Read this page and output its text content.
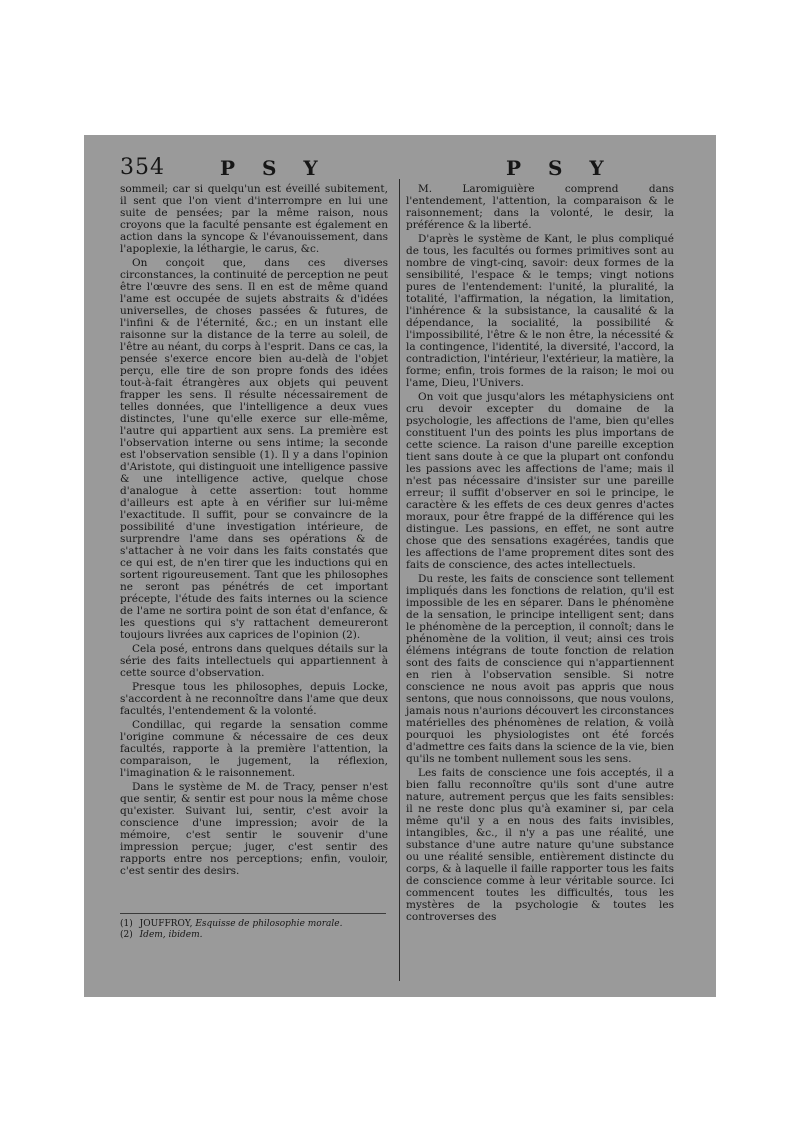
354	P S Y	P S Y

sommeil; car si quelqu'un est éveillé subitement, il sent que l'on vient d'interrompre en lui une suite de pensées; par la même raison, nous croyons que la faculté pensante est également en action dans la syncope & l'évanouissement, dans l'apoplexie, la léthargie, le carus, &c.

On conçoit que, dans ces diverses circonstances, la continuité de perception ne peut être l'œuvre des sens. Il en est de même quand l'ame est occupée de sujets abstraits & d'idées universelles, de choses passées & futures, de l'infini & de l'éternité, &c.; en un instant elle raisonne sur la distance de la terre au soleil, de l'être au néant, du corps à l'esprit. Dans ce cas, la pensée s'exerce encore bien au-delà de l'objet perçu, elle tire de son propre fonds des idées tout-à-fait étrangères aux objets qui peuvent frapper les sens. Il résulte nécessairement de telles données, que l'intelligence a deux vues distinctes, l'une qu'elle exerce sur elle-même, l'autre qui appartient aux sens. La première est l'observation interne ou sens intime; la seconde est l'observation sensible (1). Il y a dans l'opinion d'Aristote, qui distinguoit une intelligence passive & une intelligence active, quelque chose d'analogue à cette assertion: tout homme d'ailleurs est apte à en vérifier sur lui-même l'exactitude. Il suffit, pour se convaincre de la possibilité d'une investigation intérieure, de surprendre l'ame dans ses opérations & de s'attacher à ne voir dans les faits constatés que ce qui est, de n'en tirer que les inductions qui en sortent rigoureusement. Tant que les philosophes ne seront pas pénétrés de cet important précepte, l'étude des faits internes ou la science de l'ame ne sortira point de son état d'enfance, & les questions qui s'y rattachent demeureront toujours livrées aux caprices de l'opinion (2).

Cela posé, entrons dans quelques détails sur la série des faits intellectuels qui appartiennent à cette source d'observation.

Presque tous les philosophes, depuis Locke, s'accordent à ne reconnoître dans l'ame que deux facultés, l'entendement & la volonté.

Condillac, qui regarde la sensation comme l'origine commune & nécessaire de ces deux facultés, rapporte à la première l'attention, la comparaison, le jugement, la réflexion, l'imagination & le raisonnement.

Dans le système de M. de Tracy, penser n'est que sentir, & sentir est pour nous la même chose qu'exister. Suivant lui, sentir, c'est avoir la conscience d'une impression; avoir de la mémoire, c'est sentir le souvenir d'une impression perçue; juger, c'est sentir des rapports entre nos perceptions; enfin, vouloir, c'est sentir des desirs.

M. Laromiguière comprend dans l'entendement, l'attention, la comparaison & le raisonnement; dans la volonté, le desir, la préférence & la liberté.

D'après le système de Kant, le plus compliqué de tous, les facultés ou formes primitives sont au nombre de vingt-cinq, savoir: deux formes de la sensibilité, l'espace & le temps; vingt notions pures de l'entendement: l'unité, la pluralité, la totalité, l'affirmation, la négation, la limitation, l'inhérence & la subsistance, la causalité & la dépendance, la socialité, la possibilité & l'impossibilité, l'être & le non être, la nécessité & la contingence, l'identité, la diversité, l'accord, la contradiction, l'intérieur, l'extérieur, la matière, la forme; enfin, trois formes de la raison; le moi ou l'ame, Dieu, l'Univers.

On voit que jusqu'alors les métaphysiciens ont cru devoir excepter du domaine de la psychologie, les affections de l'ame, bien qu'elles constituent l'un des points les plus importans de cette science. La raison d'une pareille exception tient sans doute à ce que la plupart ont confondu les passions avec les affections de l'ame; mais il n'est pas nécessaire d'insister sur une pareille erreur; il suffit d'observer en soi le principe, le caractère & les effets de ces deux genres d'actes moraux, pour être frappé de la différence qui les distingue. Les passions, en effet, ne sont autre chose que des sensations exagérées, tandis que les affections de l'ame proprement dites sont des faits de conscience, des actes intellectuels.

Du reste, les faits de conscience sont tellement impliqués dans les fonctions de relation, qu'il est impossible de les en séparer. Dans le phénomène de la sensation, le principe intelligent sent; dans le phénomène de la perception, il connoît; dans le phénomène de la volition, il veut; ainsi ces trois élémens intégrans de toute fonction de relation sont des faits de conscience qui n'appartiennent en rien à l'observation sensible. Si notre conscience ne nous avoit pas appris que nous sentons, que nous connoissons, que nous voulons, jamais nous n'aurions découvert les circonstances matérielles des phénomènes de relation, & voilà pourquoi les physiologistes ont été forcés d'admettre ces faits dans la science de la vie, bien qu'ils ne tombent nullement sous les sens.

Les faits de conscience une fois acceptés, il a bien fallu reconnoître qu'ils sont d'une autre nature, autrement perçus que les faits sensibles: il ne reste donc plus qu'à examiner si, par cela même qu'il y a en nous des faits invisibles, intangibles, &c., il n'y a pas une réalité, une substance d'une autre nature qu'une substance ou une réalité sensible, entièrement distincte du corps, & à laquelle il faille rapporter tous les faits de conscience comme à leur véritable source. Ici commencent toutes les difficultés, tous les mystères de la psychologie & toutes les controverses des

(1) JOUFFROY, Esquisse de philosophie morale.
(2) Idem, ibidem.
